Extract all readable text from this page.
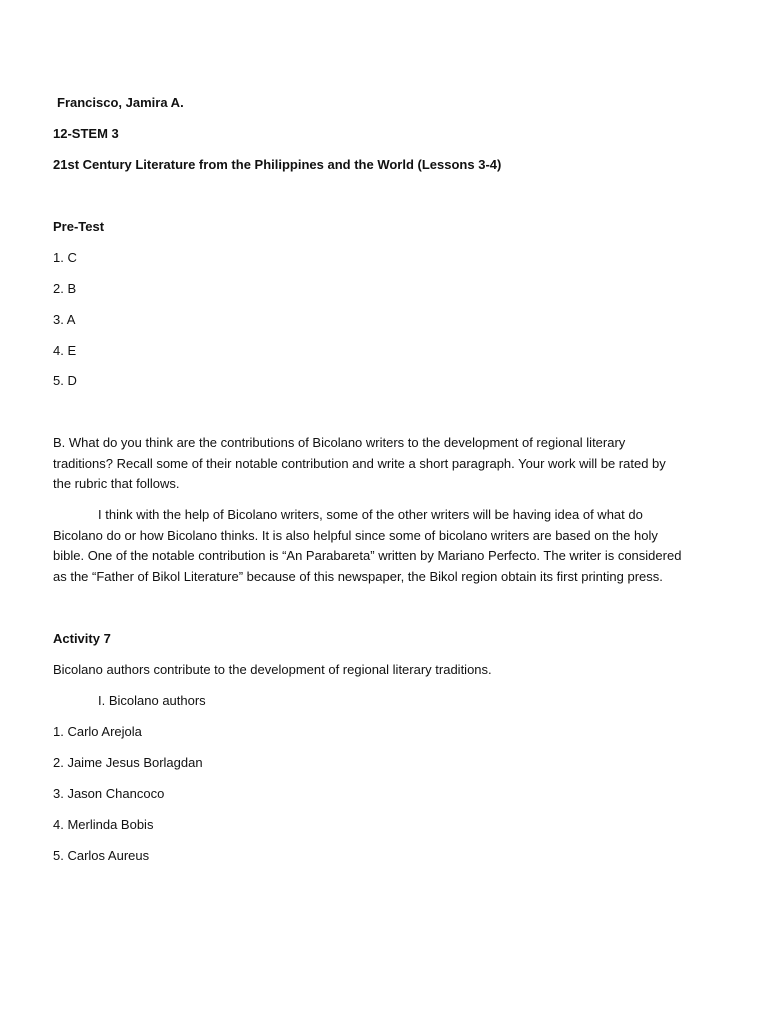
Francisco, Jamira A.

12-STEM 3

21st Century Literature from the Philippines and the World (Lessons 3-4)

Pre-Test

1. C

2. B

3. A

4. E

5. D

B. What do you think are the contributions of Bicolano writers to the development of regional literary traditions? Recall some of their notable contribution and write a short paragraph. Your work will be rated by the rubric that follows.

I think with the help of Bicolano writers, some of the other writers will be having idea of what do Bicolano do or how Bicolano thinks. It is also helpful since some of bicolano writers are based on the holy bible. One of the notable contribution is “An Parabareta” written by Mariano Perfecto. The writer is considered as the “Father of Bikol Literature” because of this newspaper, the Bikol region obtain its first printing press.

Activity 7

Bicolano authors contribute to the development of regional literary traditions.

I. Bicolano authors

1. Carlo Arejola

2. Jaime Jesus Borlagdan

3. Jason Chancoco

4. Merlinda Bobis

5. Carlos Aureus
